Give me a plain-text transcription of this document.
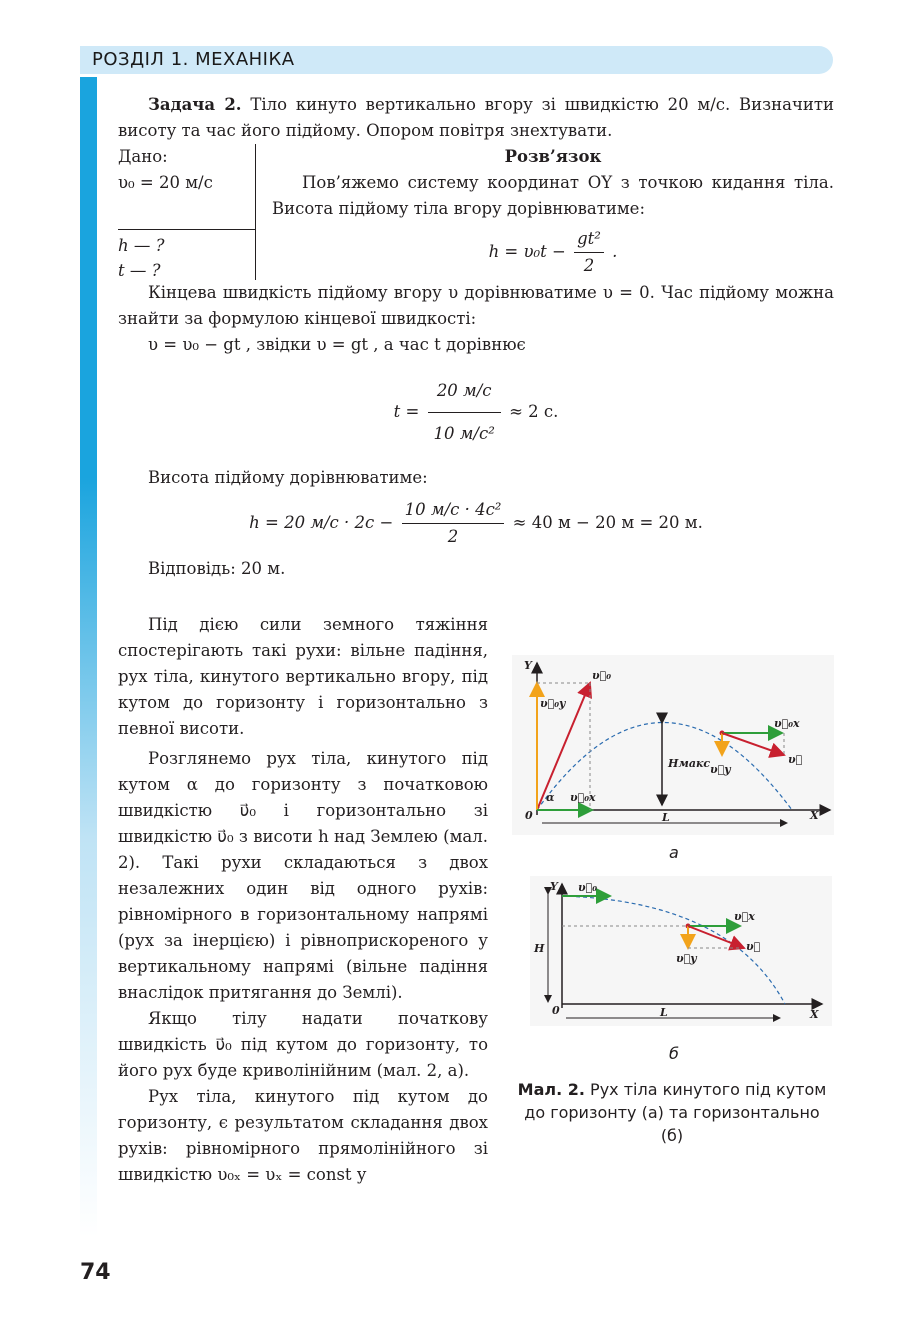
РОЗДІЛ 1. МЕХАНІКА

Задача 2. Тіло кинуто вертикально вгору зі швидкістю 20 м/с. Визначити висоту та час його підйому. Опором повітря знехтувати.

Дано:
υ₀ = 20 м/с
h — ?
t — ?
Розв’язок

Пов’яжемо систему координат OY з точкою кидання тіла. Висота підйому тіла вгору дорівнюватиме:

$h = \upsilon_0t - \frac{\text{gt²}}{2}$ .

Кінцева швидкість підйому вгору υ дорівнюватиме υ = 0. Час підйому можна знайти за формулою кінцевої швидкості:

υ = υ₀ − gt , звідки υ = gt , а час t дорівнює

$t = \frac{20 м/с}{\text{10 м/с²}} \approx 2$ с.

Висота підйому дорівнюватиме:

h = 20 $м/с \cdot 2с - \frac{\text{10 м/с · 4с²}}{2} \approx 40$ м − 20 м = 20 м.

Відповідь: 20 м.

Під дією сили земного тяжіння спостерігають такі рухи: вільне падіння, рух тіла, кинутого вертикально вгору, під кутом до горизонту і горизонтально з певної висоти.

Розглянемо рух тіла, кинутого під кутом α до горизонту з початковою швидкістю υ⃗₀ і горизонтально зі швидкістю υ⃗₀ з висоти h над Землею (мал. 2). Такі рухи складаються з двох незалежних один від одного рухів: рівномірного в горизонтальному напрямі (рух за інерцією) і рівноприскореного у вертикальному напрямі (вільне падіння внаслідок притягання до Землі).

Якщо тілу надати початкову швидкість υ⃗₀ під кутом до горизонту, то його рух буде криволінійним (мал. 2, а).

Рух тіла, кинутого під кутом до горизонту, є результатом складання двох рухів: рівномірного прямолінійного зі швидкістю υ₀ₓ = υₓ = const у

Y
X
0
υ⃗₀
υ⃗₀y
υ⃗₀x
α
Hмакс
L
υ⃗₀x
υ⃗y
υ⃗
а
Y
X
0
υ⃗₀
υ⃗x
υ⃗y
υ⃗
H
L
б
Мал. 2. Рух тіла кинутого під кутом до горизонту (а) та горизонтально (б)
74
